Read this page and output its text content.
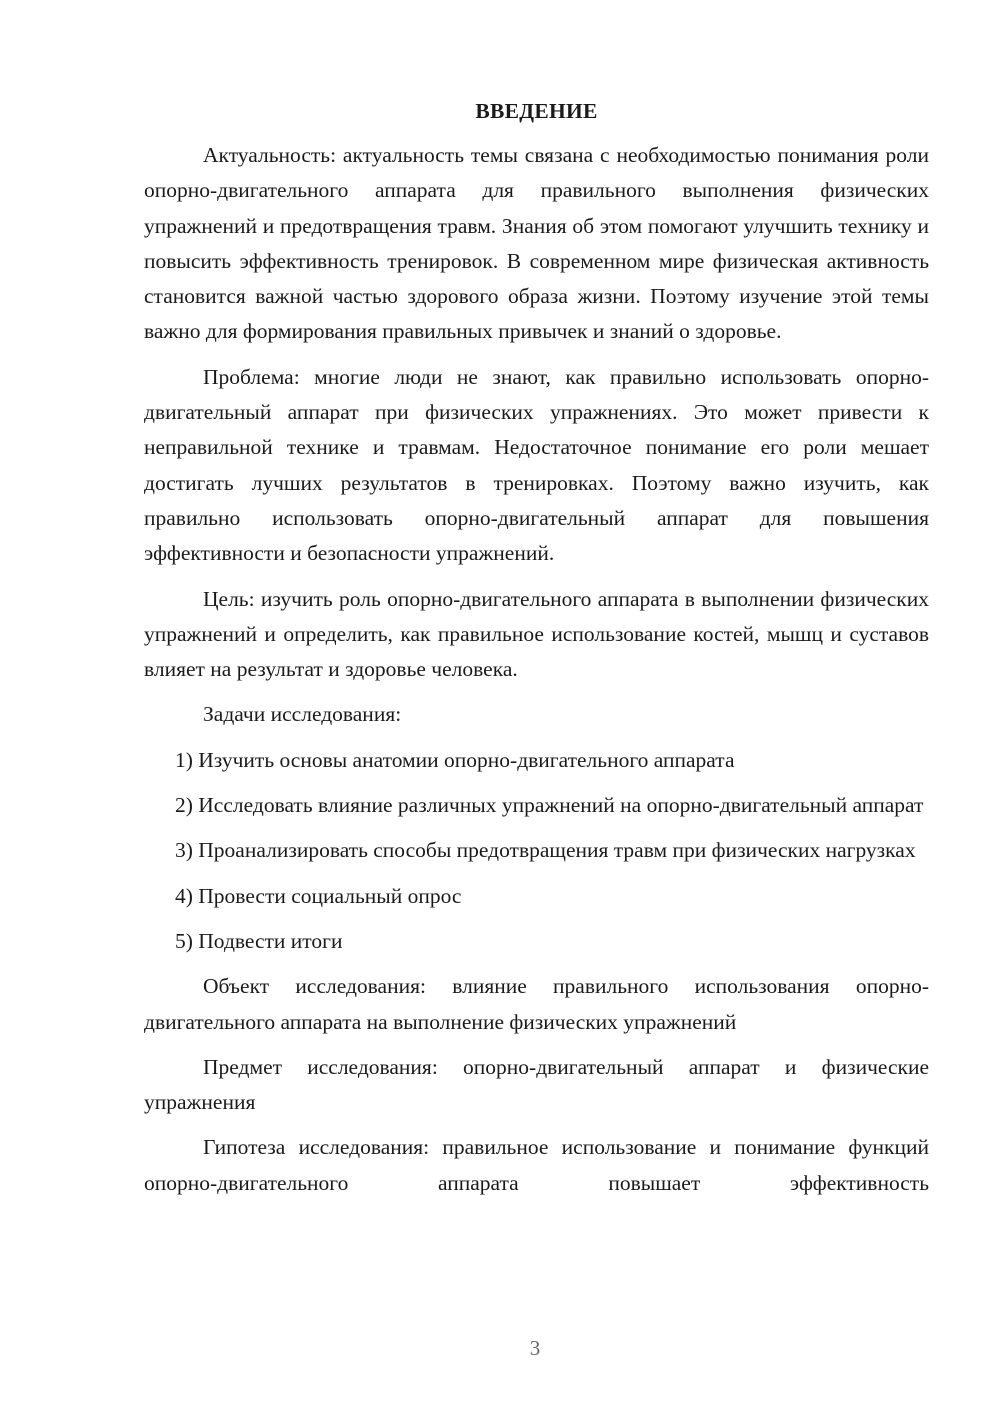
ВВЕДЕНИЕ

Актуальность: актуальность темы связана с необходимостью понимания роли опорно-двигательного аппарата для правильного выполнения физических упражнений и предотвращения травм. Знания об этом помогают улучшить технику и повысить эффективность тренировок. В современном мире физическая активность становится важной частью здорового образа жизни. Поэтому изучение этой темы важно для формирования правильных привычек и знаний о здоровье.

Проблема: многие люди не знают, как правильно использовать опорно-двигательный аппарат при физических упражнениях. Это может привести к неправильной технике и травмам. Недостаточное понимание его роли мешает достигать лучших результатов в тренировках. Поэтому важно изучить, как правильно использовать опорно-двигательный аппарат для повышения эффективности и безопасности упражнений.

Цель: изучить роль опорно-двигательного аппарата в выполнении физических упражнений и определить, как правильное использование костей, мышц и суставов влияет на результат и здоровье человека.

Задачи исследования:

1) Изучить основы анатомии опорно-двигательного аппарата

2) Исследовать влияние различных упражнений на опорно-двигательный аппарат

3) Проанализировать способы предотвращения травм при физических нагрузках

4) Провести социальный опрос

5) Подвести итоги

Объект исследования: влияние правильного использования опорно-двигательного аппарата на выполнение физических упражнений

Предмет исследования: опорно-двигательный аппарат и физические упражнения

Гипотеза исследования: правильное использование и понимание функций опорно-двигательного аппарата повышает эффективность

3
